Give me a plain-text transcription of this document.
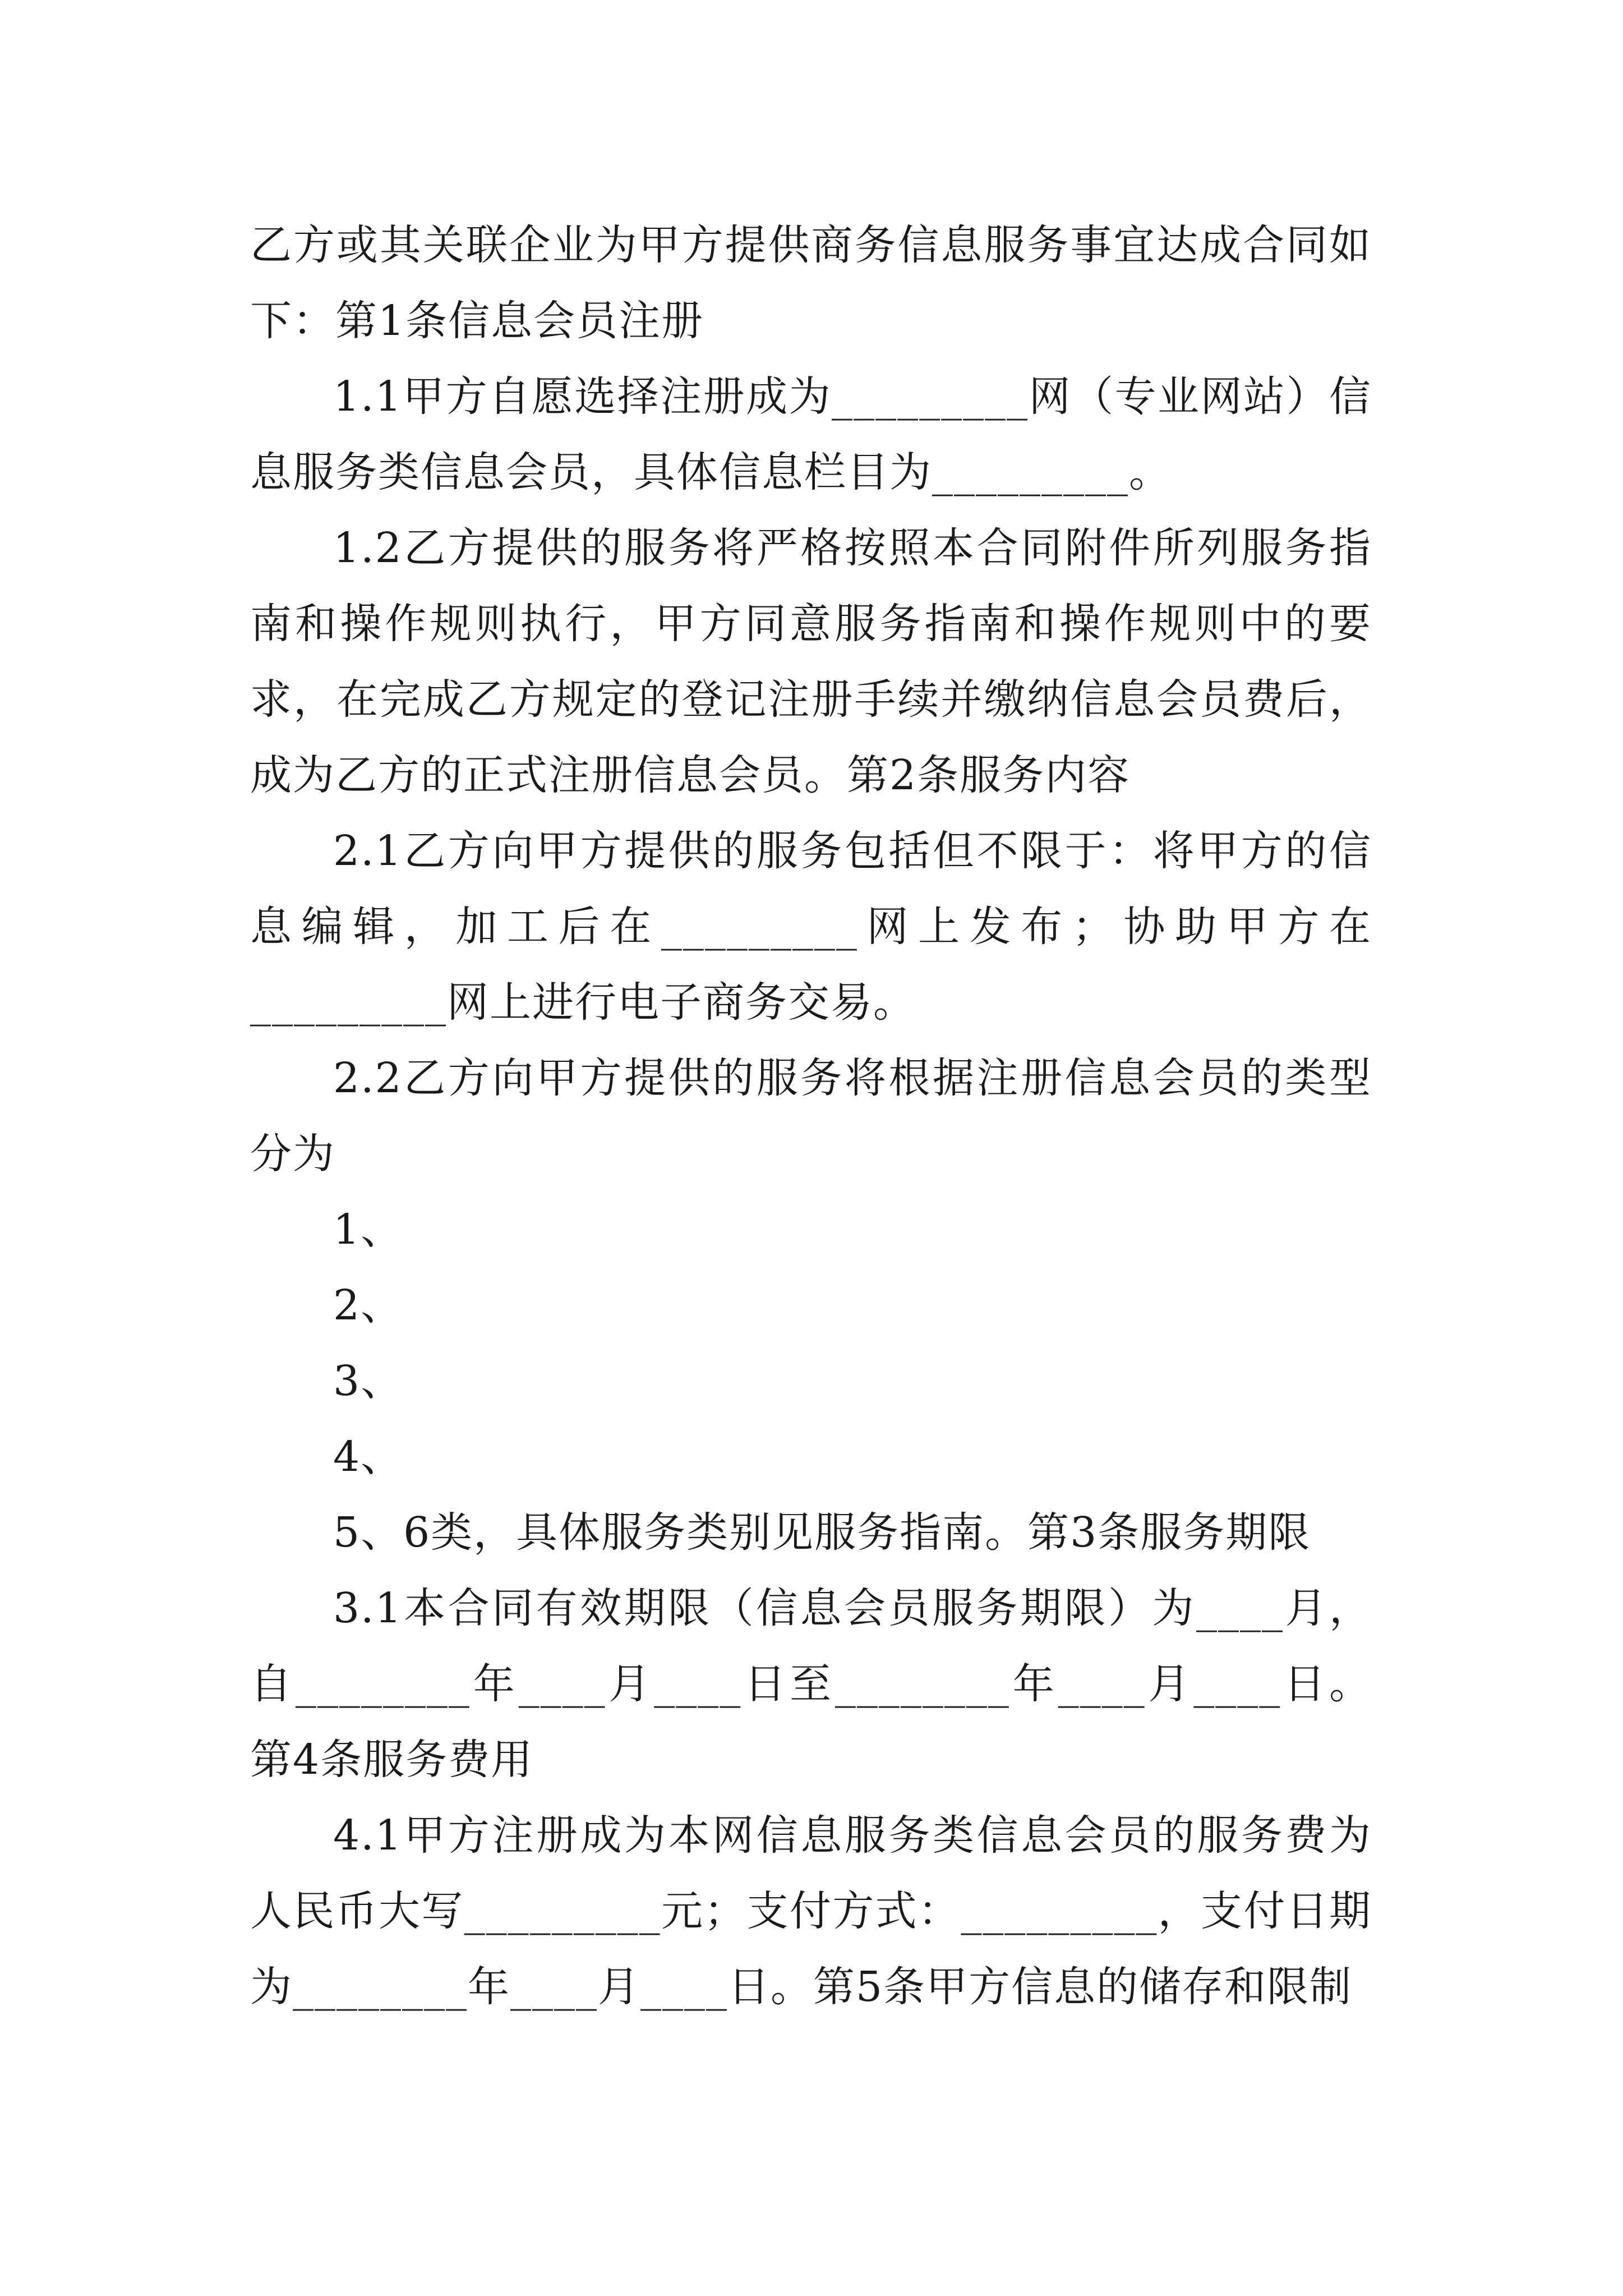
乙方或其关联企业为甲方提供商务信息服务事宜达成合同如下：第1条信息会员注册

1.1甲方自愿选择注册成为_________网（专业网站）信息服务类信息会员，具体信息栏目为_________。

1.2乙方提供的服务将严格按照本合同附件所列服务指南和操作规则执行，甲方同意服务指南和操作规则中的要求，在完成乙方规定的登记注册手续并缴纳信息会员费后，成为乙方的正式注册信息会员。第2条服务内容

2.1乙方向甲方提供的服务包括但不限于：将甲方的信息编辑，加工后在_________网上发布；协助甲方在_________网上进行电子商务交易。

2.2乙方向甲方提供的服务将根据注册信息会员的类型分为

1、

2、

3、

4、

5、6类，具体服务类别见服务指南。第3条服务期限

3.1本合同有效期限（信息会员服务期限）为____月，自________年____月____日至________年____月____日。第4条服务费用

4.1甲方注册成为本网信息服务类信息会员的服务费为人民币大写_________元；支付方式：_________，支付日期为________年____月____日。第5条甲方信息的储存和限制
